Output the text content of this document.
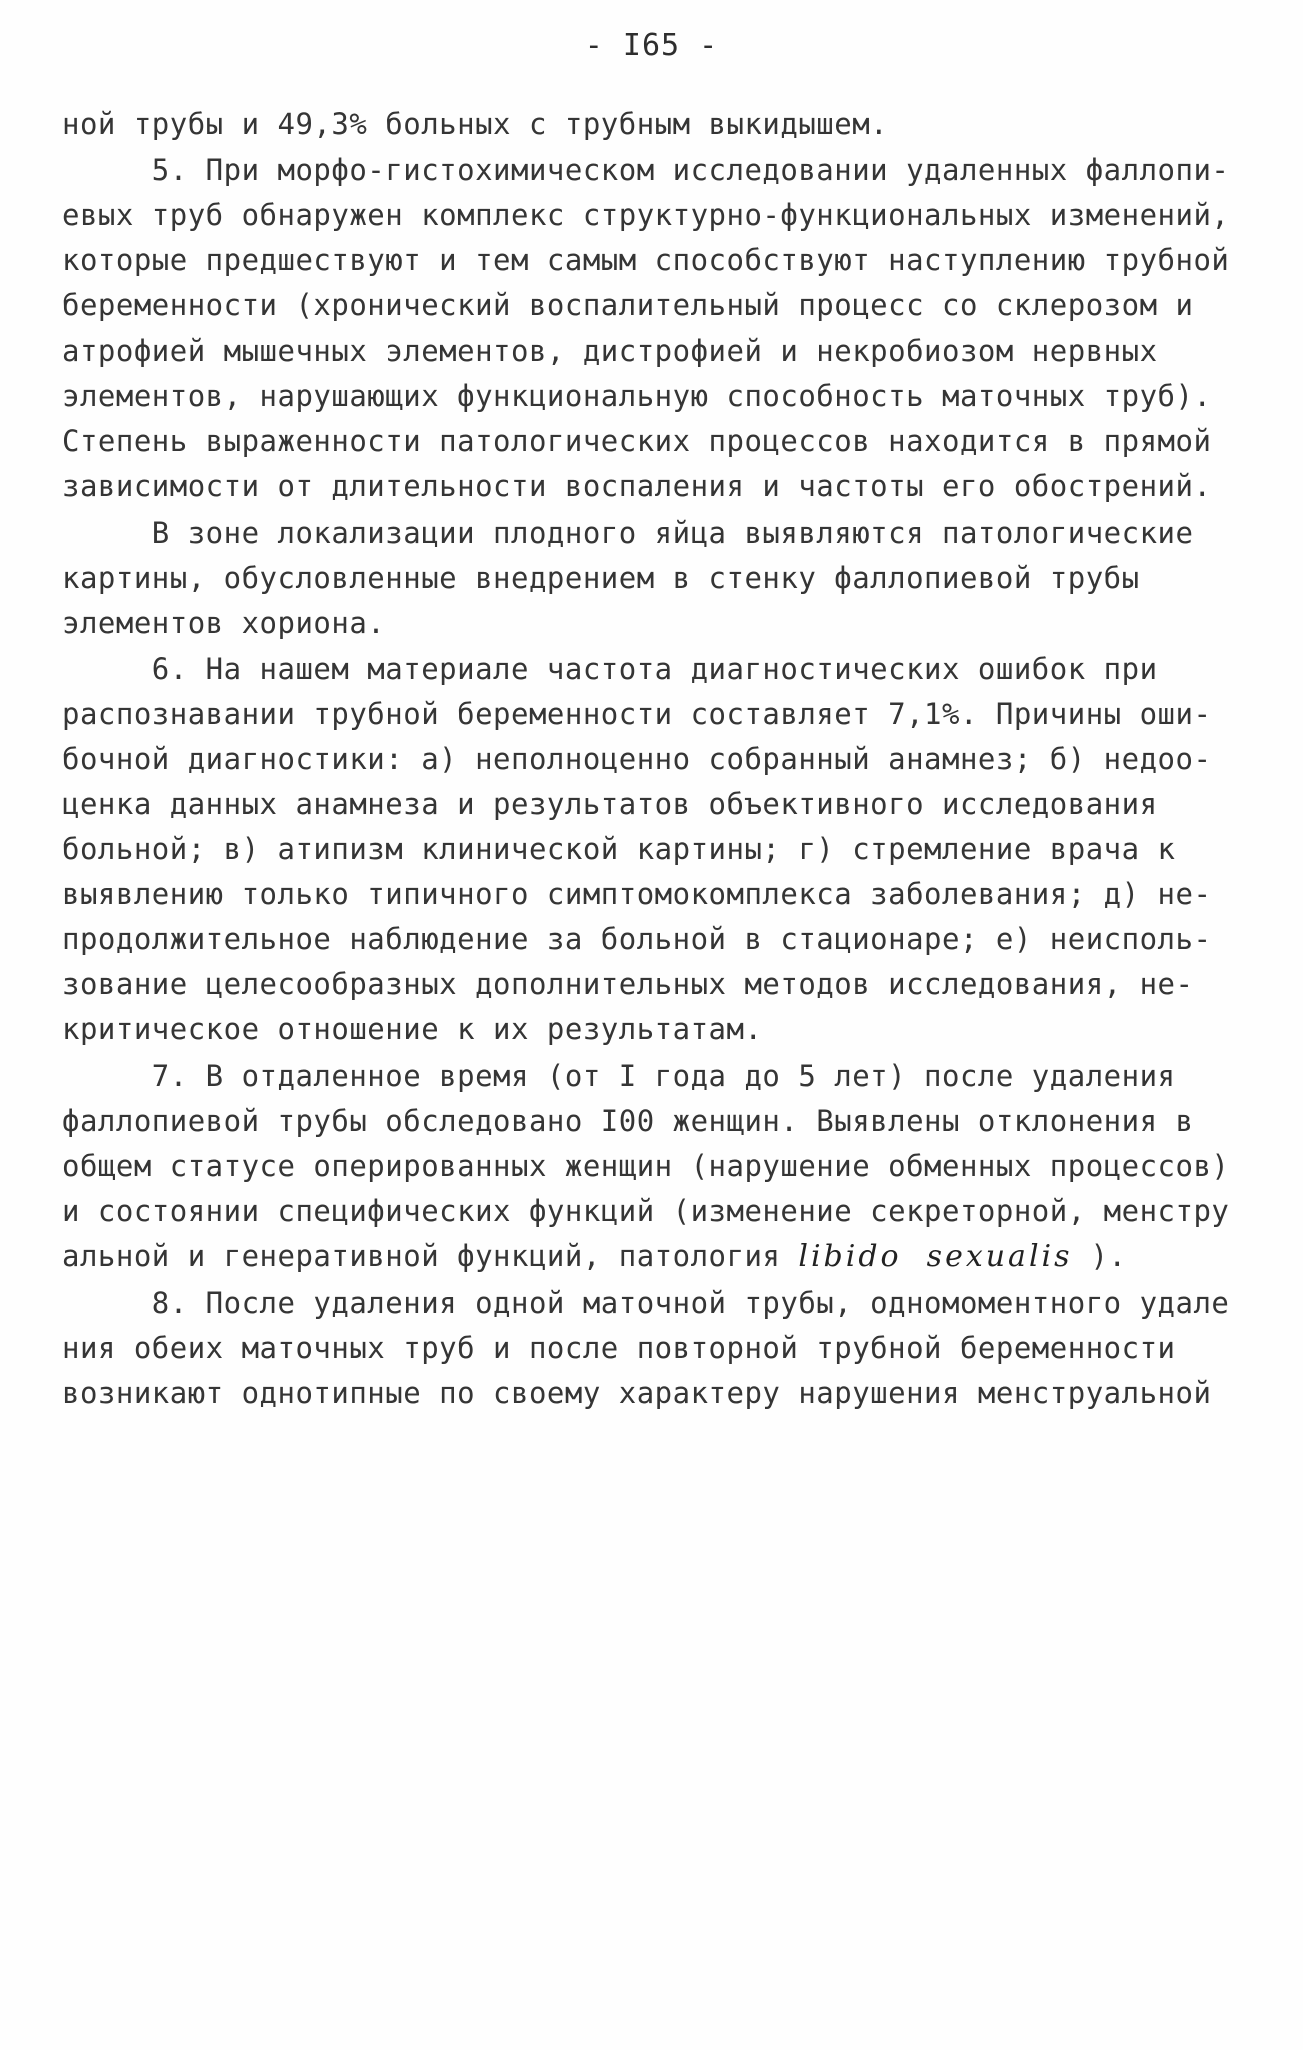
- I65 -
ной трубы и 49,3% больных с трубным выкидышем.
5. При морфо-гистохимическом исследовании удаленных фаллопи-
евых труб обнаружен комплекс структурно-функциональных изменений,
которые предшествуют и тем самым способствуют наступлению трубной
беременности (хронический воспалительный процесс со склерозом и
атрофией мышечных элементов, дистрофией и некробиозом нервных
элементов, нарушающих функциональную способность маточных труб).
Степень выраженности патологических процессов находится в прямой
зависимости от длительности воспаления и частоты его обострений.
В зоне локализации плодного яйца выявляются патологические
картины, обусловленные внедрением в стенку фаллопиевой трубы
элементов хориона.
6. На нашем материале частота диагностических ошибок при
распознавании трубной беременности составляет 7,1%. Причины оши-
бочной диагностики: а) неполноценно собранный анамнез; б) недоо-
ценка данных анамнеза и результатов объективного исследования
больной; в) атипизм клинической картины; г) стремление врача к
выявлению только типичного симптомокомплекса заболевания; д) не-
продолжительное наблюдение за больной в стационаре; е) неисполь-
зование целесообразных дополнительных методов исследования, не-
критическое отношение к их результатам.
7. В отдаленное время (от I года до 5 лет) после удаления
фаллопиевой трубы обследовано I00 женщин. Выявлены отклонения в
общем статусе оперированных женщин (нарушение обменных процессов)
и состоянии специфических функций (изменение секреторной, менстру
альной и генеративной функций, патология libido  sexualis ).
8. После удаления одной маточной трубы, одномоментного удале
ния обеих маточных труб и после повторной трубной беременности
возникают однотипные по своему характеру нарушения менструальной
